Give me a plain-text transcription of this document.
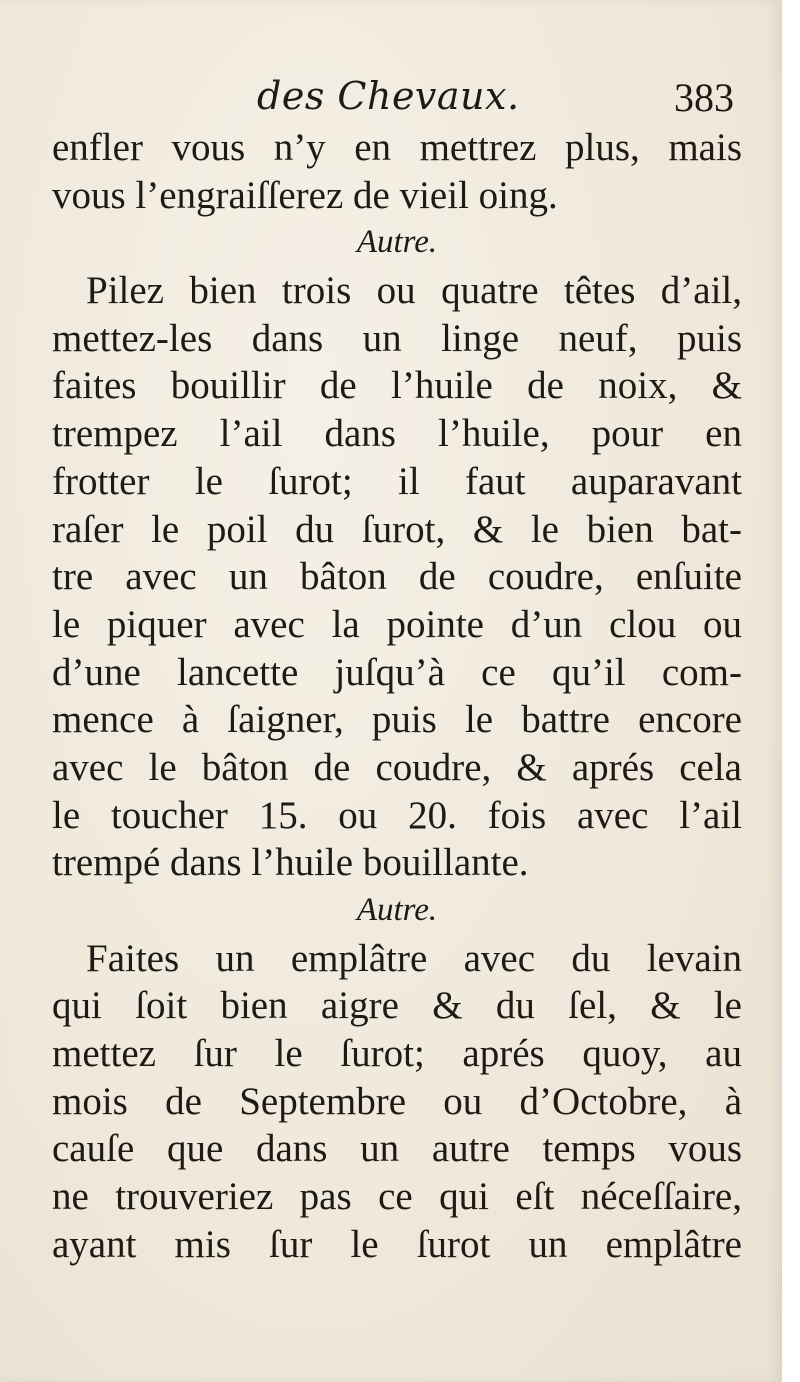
des Chevaux.	383
enfler vous n’y en mettrez plus, mais
vous l’engraiſſerez de vieil oing.
Autre.
Pilez bien trois ou quatre têtes d’ail,
mettez-les dans un linge neuf, puis
faites bouillir de l’huile de noix, &
trempez l’ail dans l’huile, pour en
frotter le ſurot; il faut auparavant
raſer le poil du ſurot, & le bien bat-
tre avec un bâton de coudre, enſuite
le piquer avec la pointe d’un clou ou
d’une lancette juſqu’à ce qu’il com-
mence à ſaigner, puis le battre encore
avec le bâton de coudre, & aprés cela
le toucher 15. ou 20. fois avec l’ail
trempé dans l’huile bouillante.
Autre.
Faites un emplâtre avec du levain
qui ſoit bien aigre & du ſel, & le
mettez ſur le ſurot; aprés quoy, au
mois de Septembre ou d’Octobre, à
cauſe que dans un autre temps vous
ne trouveriez pas ce qui eſt néceſſaire,
ayant mis ſur le ſurot un emplâtre
